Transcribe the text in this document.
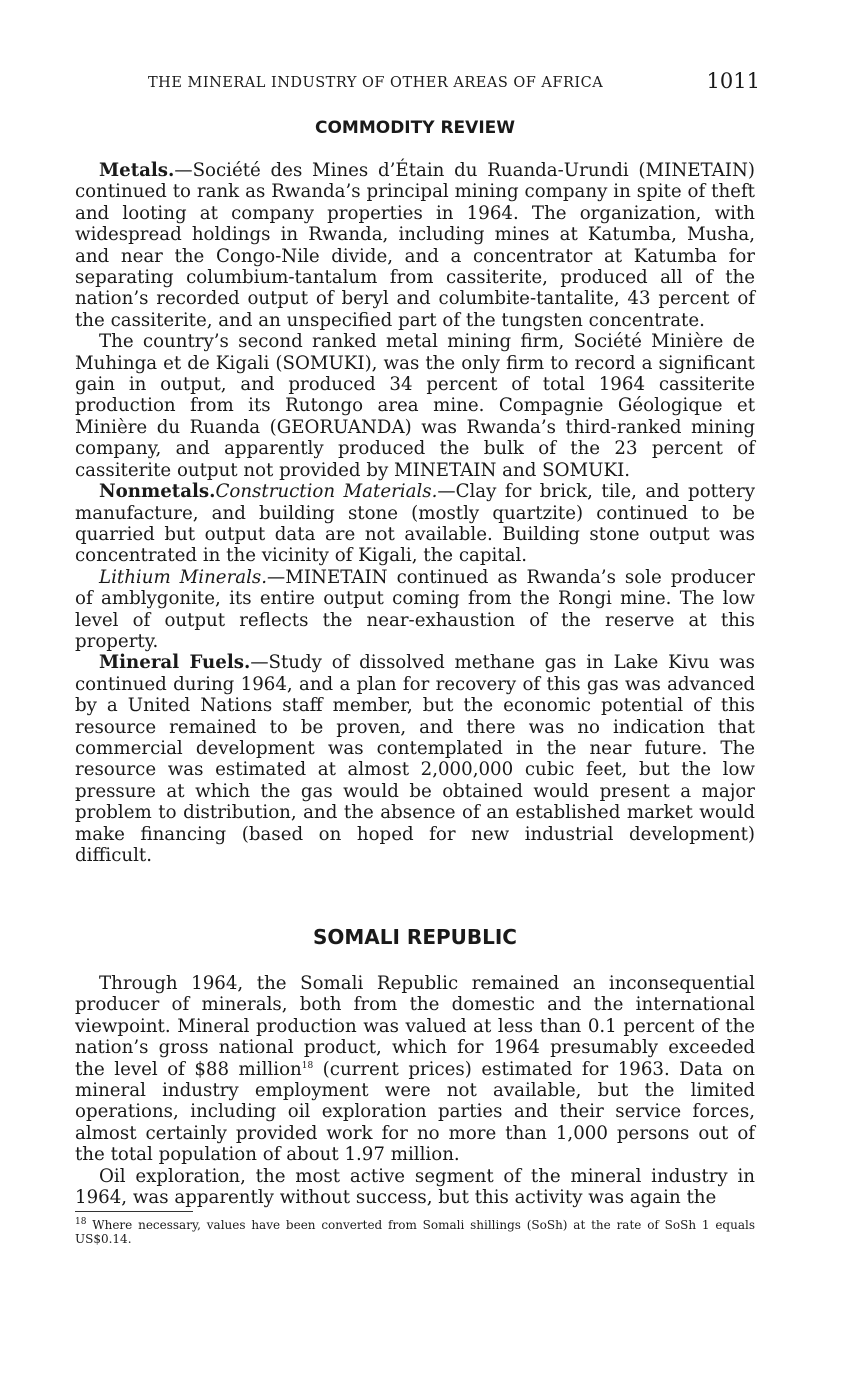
THE MINERAL INDUSTRY OF OTHER AREAS OF AFRICA	1011
COMMODITY REVIEW

Metals.—Société des Mines d’Étain du Ruanda-Urundi (MINETAIN) continued to rank as Rwanda’s principal mining company in spite of theft and looting at company properties in 1964. The organization, with widespread holdings in Rwanda, including mines at Katumba, Musha, and near the Congo-Nile divide, and a concentrator at Katumba for separating columbium-tantalum from cassiterite, produced all of the nation’s recorded output of beryl and columbite-tantalite, 43 percent of the cassiterite, and an unspecified part of the tungsten concentrate.

The country’s second ranked metal mining firm, Société Minière de Muhinga et de Kigali (SOMUKI), was the only firm to record a significant gain in output, and produced 34 percent of total 1964 cassiterite production from its Rutongo area mine. Compagnie Géologique et Minière du Ruanda (GEORUANDA) was Rwanda’s third-ranked mining company, and apparently produced the bulk of the 23 percent of cassiterite output not provided by MINETAIN and SOMUKI.

Nonmetals.Construction Materials.—Clay for brick, tile, and pottery manufacture, and building stone (mostly quartzite) continued to be quarried but output data are not available. Building stone output was concentrated in the vicinity of Kigali, the capital.

Lithium Minerals.—MINETAIN continued as Rwanda’s sole producer of amblygonite, its entire output coming from the Rongi mine. The low level of output reflects the near-exhaustion of the reserve at this property.

Mineral Fuels.—Study of dissolved methane gas in Lake Kivu was continued during 1964, and a plan for recovery of this gas was advanced by a United Nations staff member, but the economic potential of this resource remained to be proven, and there was no indication that commercial development was contemplated in the near future. The resource was estimated at almost 2,000,000 cubic feet, but the low pressure at which the gas would be obtained would present a major problem to distribution, and the absence of an established market would make financing (based on hoped for new industrial development) difficult.

SOMALI REPUBLIC

Through 1964, the Somali Republic remained an inconsequential producer of minerals, both from the domestic and the international viewpoint. Mineral production was valued at less than 0.1 percent of the nation’s gross national product, which for 1964 presumably exceeded the level of $88 million$^{18}$ (current prices) estimated for 1963. Data on mineral industry employment were not available, but the limited operations, including oil exploration parties and their service forces, almost certainly provided work for no more than 1,000 persons out of the total population of about 1.97 million.

Oil exploration, the most active segment of the mineral industry in 1964, was apparently without success, but this activity was again the

$^{18}$ Where necessary, values have been converted from Somali shillings (SoSh) at the rate of SoSh 1 equals US$0.14.
